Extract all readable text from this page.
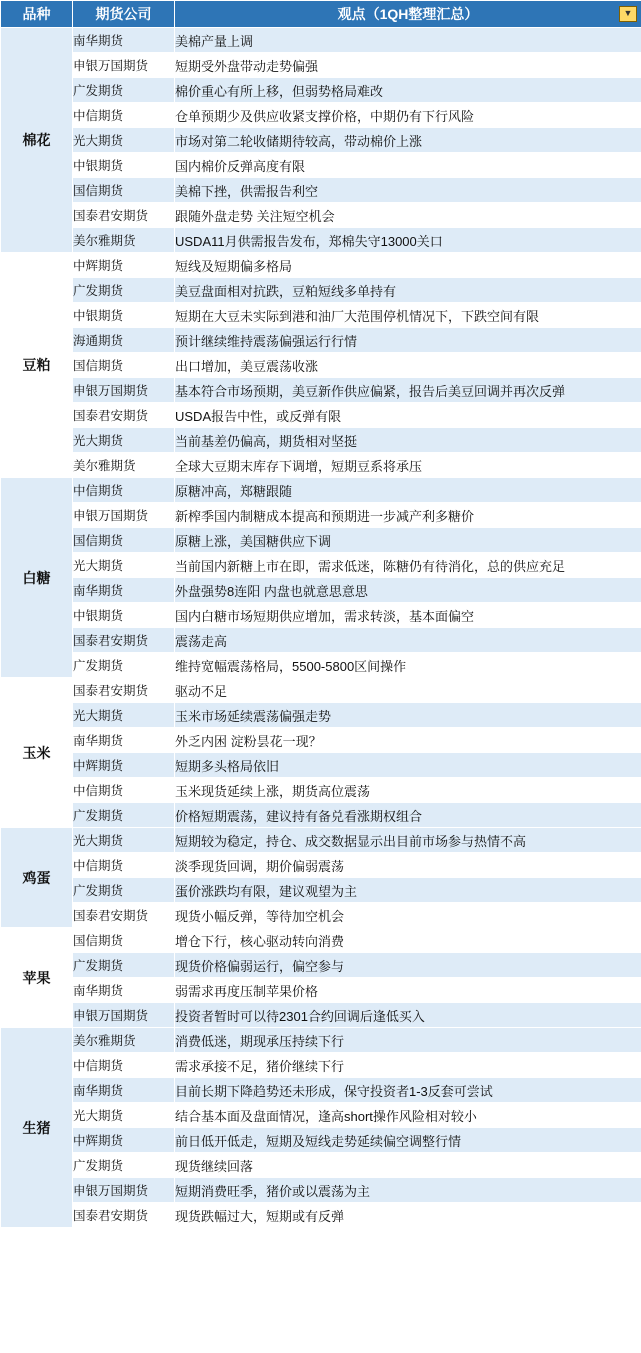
品种	期货公司	观点（1QH整理汇总） ▼

棉花	南华期货	美棉产量上调
	申银万国期货	短期受外盘带动走势偏强
	广发期货	棉价重心有所上移，但弱势格局难改
	中信期货	仓单预期少及供应收紧支撑价格，中期仍有下行风险
	光大期货	市场对第二轮收储期待较高，带动棉价上涨
	中银期货	国内棉价反弹高度有限
	国信期货	美棉下挫，供需报告利空
	国泰君安期货	跟随外盘走势 关注短空机会
	美尔雅期货	USDA11月供需报告发布，郑棉失守13000关口
豆粕	中辉期货	短线及短期偏多格局
	广发期货	美豆盘面相对抗跌，豆粕短线多单持有
	中银期货	短期在大豆未实际到港和油厂大范围停机情况下，下跌空间有限
	海通期货	预计继续维持震荡偏强运行行情
	国信期货	出口增加，美豆震荡收涨
	申银万国期货	基本符合市场预期，美豆新作供应偏紧，报告后美豆回调并再次反弹
	国泰君安期货	USDA报告中性，或反弹有限
	光大期货	当前基差仍偏高，期货相对坚挺
	美尔雅期货	全球大豆期末库存下调增，短期豆系将承压
白糖	中信期货	原糖冲高，郑糖跟随
	申银万国期货	新榨季国内制糖成本提高和预期进一步减产利多糖价
	国信期货	原糖上涨，美国糖供应下调
	光大期货	当前国内新糖上市在即，需求低迷，陈糖仍有待消化，总的供应充足
	南华期货	外盘强势8连阳 内盘也就意思意思
	中银期货	国内白糖市场短期供应增加，需求转淡，基本面偏空
	国泰君安期货	震荡走高
	广发期货	维持宽幅震荡格局，5500-5800区间操作
玉米	国泰君安期货	驱动不足
	光大期货	玉米市场延续震荡偏强走势
	南华期货	外乏内困 淀粉昙花一现？
	中辉期货	短期多头格局依旧
	中信期货	玉米现货延续上涨，期货高位震荡
	广发期货	价格短期震荡，建议持有备兑看涨期权组合
鸡蛋	光大期货	短期较为稳定，持仓、成交数据显示出目前市场参与热情不高
	中信期货	淡季现货回调，期价偏弱震荡
	广发期货	蛋价涨跌均有限，建议观望为主
	国泰君安期货	现货小幅反弹，等待加空机会
苹果	国信期货	增仓下行，核心驱动转向消费
	广发期货	现货价格偏弱运行，偏空参与
	南华期货	弱需求再度压制苹果价格
	申银万国期货	投资者暂时可以待2301合约回调后逢低买入
生猪	美尔雅期货	消费低迷，期现承压持续下行
	中信期货	需求承接不足，猪价继续下行
	南华期货	目前长期下降趋势还未形成，保守投资者1-3反套可尝试
	光大期货	结合基本面及盘面情况，逢高short操作风险相对较小
	中辉期货	前日低开低走，短期及短线走势延续偏空调整行情
	广发期货	现货继续回落
	申银万国期货	短期消费旺季，猪价或以震荡为主
	国泰君安期货	现货跌幅过大，短期或有反弹
